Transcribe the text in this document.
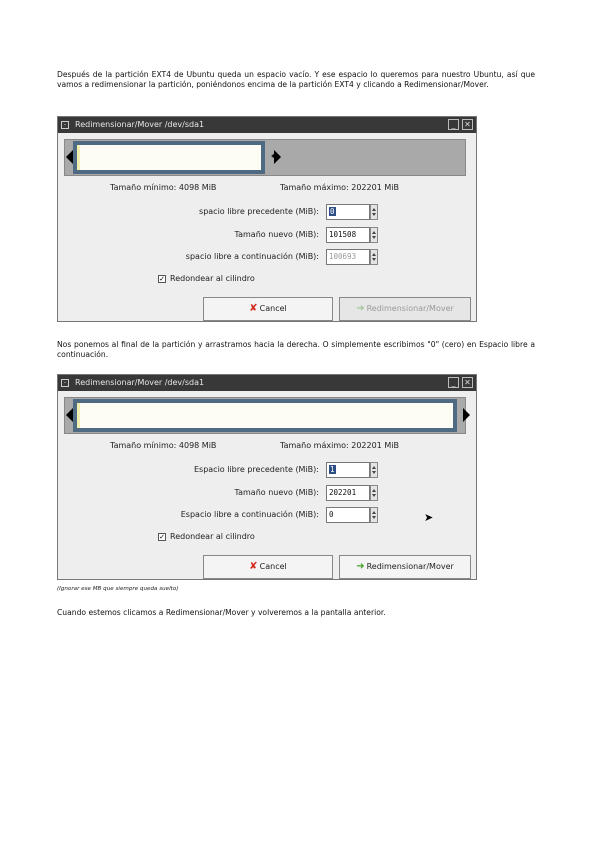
Después de la partición EXT4 de Ubuntu queda un espacio vacío. Y ese espacio lo queremos para nuestro Ubuntu, así que vamos a redimensionar la partición, poniéndonos encima de la partición EXT4 y clicando a Redimensionar/Mover.
-	Redimensionar/Mover /dev/sda1	_	✕
✥
Tamaño mínimo: 4098 MiB	Tamaño máximo: 202201 MiB
spacio libre precedente (MiB):	0
Tamaño nuevo (MiB):	101508
spacio libre a continuación (MiB):	100693
✓ Redondear al cilindro
✘ Cancel	➜ Redimensionar/Mover
Nos ponemos al final de la partición y arrastramos hacia la derecha. O simplemente escribimos "0" (cero) en Espacio libre a continuación.
-	Redimensionar/Mover /dev/sda1	_	✕
Tamaño mínimo: 4098 MiB	Tamaño máximo: 202201 MiB
Espacio libre precedente (MiB):	1
Tamaño nuevo (MiB):	202201
Espacio libre a continuación (MiB):	0	➤
✓ Redondear al cilindro
✘ Cancel	➜ Redimensionar/Mover
(Ignorar ese MB que siempre queda suelto)
Cuando estemos clicamos a Redimensionar/Mover y volveremos a la pantalla anterior.
